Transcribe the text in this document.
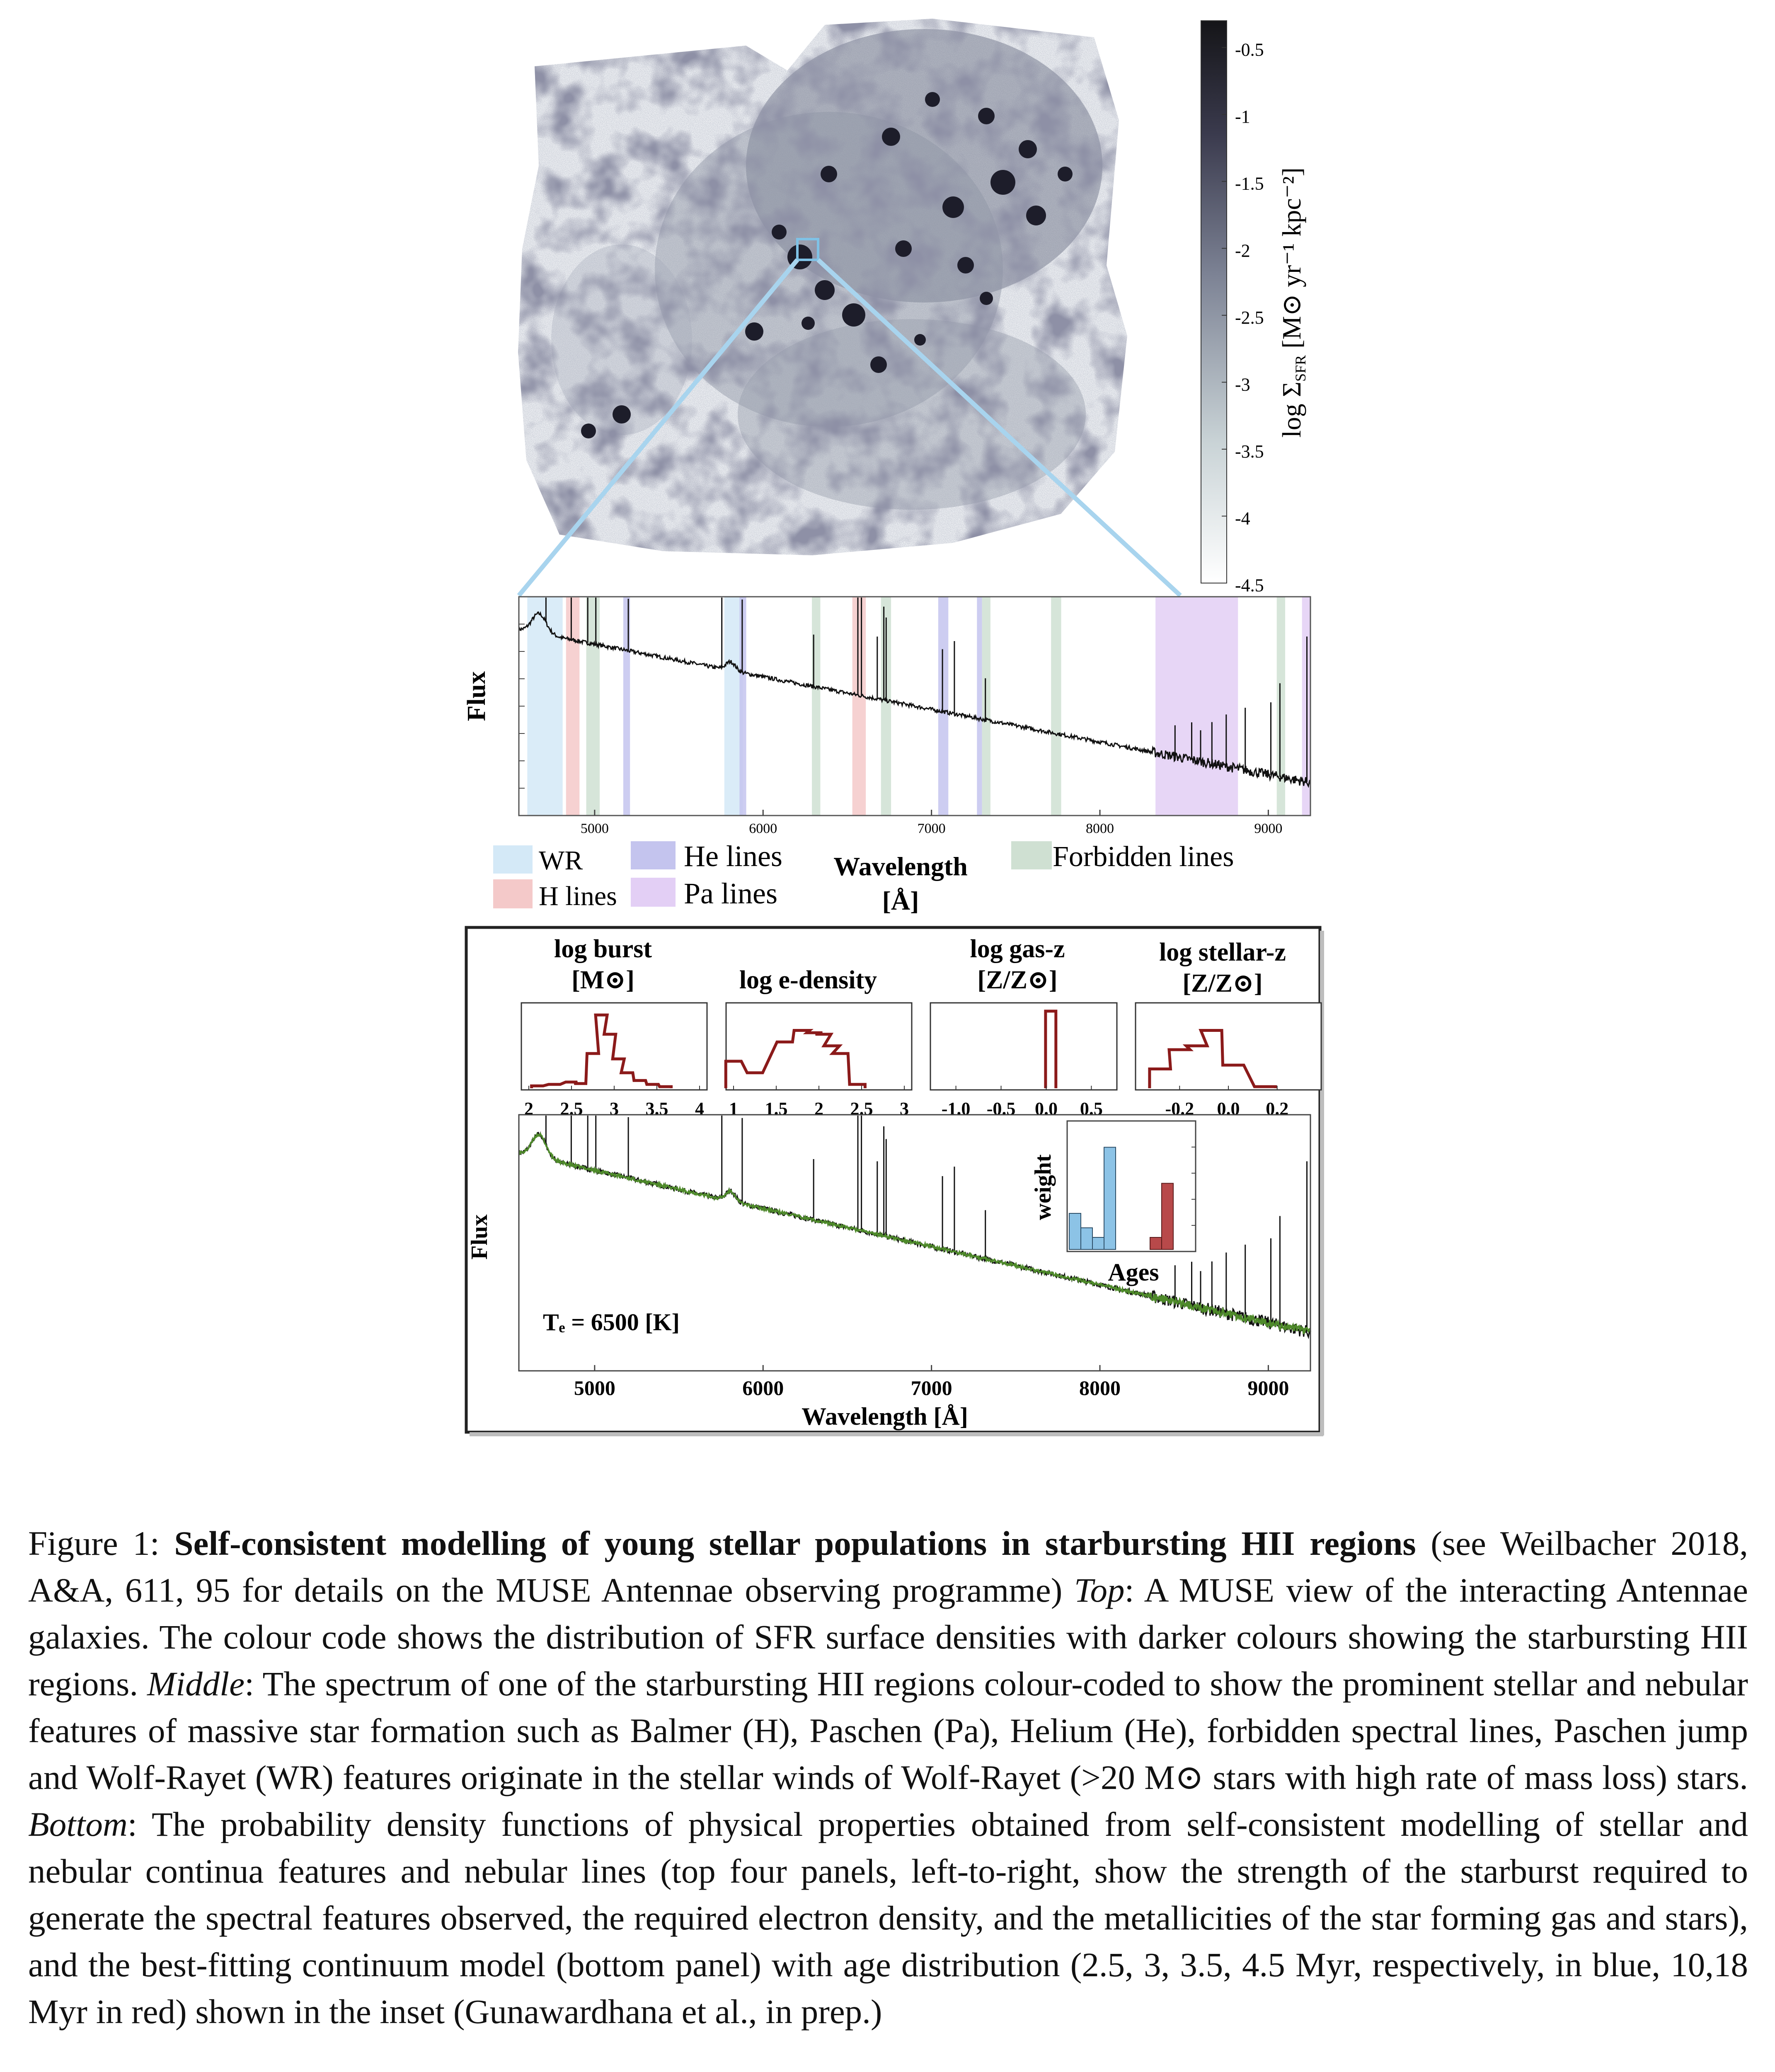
-0.5
-1
-1.5
-2
-2.5
-3
-3.5
-4
-4.5
log ΣSFR [M⊙ yr⁻¹ kpc⁻²]
5000	6000	7000	8000	9000
Flux
Wavelength
[Å]
WR	He lines	Forbidden lines
H lines Pa lines
log burst
[M⊙]	log e-density
log gas-z
[Z/Z⊙]
log stellar-z
[Z/Z⊙]
2 2.5 3 3.5 4 1 1.5 2 2.5 3 -1.0 -0.5 0.0 0.5	-0.2 0.0 0.2
5000	6000	7000	8000	9000
Flux
Wavelength [Å]
Tₑ = 6500 [K]
weight
Ages
Figure 1: Self-consistent modelling of young stellar populations in starbursting HII regions (see Weilbacher 2018, A&A, 611, 95 for details on the MUSE Antennae observing programme) Top: A MUSE view of the interacting Antennae galaxies. The colour code shows the distribution of SFR surface densities with darker colours showing the starbursting HII regions. Middle: The spectrum of one of the starbursting HII regions colour-coded to show the prominent stellar and nebular features of massive star formation such as Balmer (H), Paschen (Pa), Helium (He), forbidden spectral lines, Paschen jump and Wolf-Rayet (WR) features originate in the stellar winds of Wolf-Rayet (>20 M⊙ stars with high rate of mass loss) stars. Bottom: The probability density functions of physical properties obtained from self-consistent modelling of stellar and nebular continua features and nebular lines (top four panels, left-to-right, show the strength of the starburst required to generate the spectral features observed, the required electron density, and the metallicities of the star forming gas and stars), and the best-fitting continuum model (bottom panel) with age distribution (2.5, 3, 3.5, 4.5 Myr, respectively, in blue, 10,18 Myr in red) shown in the inset (Gunawardhana et al., in prep.)
